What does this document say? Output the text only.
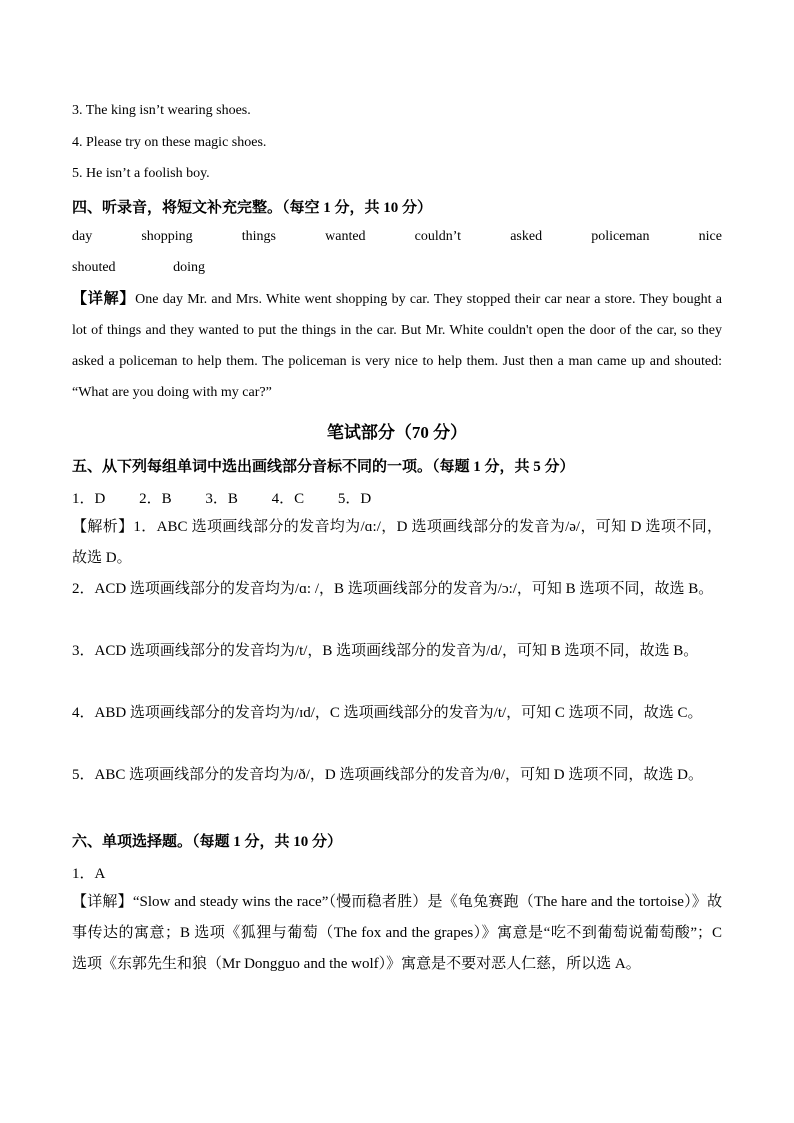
3. The king isn’t wearing shoes.
4. Please try on these magic shoes.
5. He isn’t a foolish boy.
四、听录音，将短文补充完整。（每空 1 分，共 10 分）
day	shopping	things	wanted	couldn’t	asked	policeman	nice
shouted	doing
【详解】One day Mr. and Mrs. White went shopping by car. They stopped their car near a store. They bought a lot of things and they wanted to put the things in the car. But Mr. White couldn't open the door of the car, so they asked a policeman to help them. The policeman is very nice to help them. Just then a man came up and shouted: “What are you doing with my car?”
笔试部分（70 分）
五、从下列每组单词中选出画线部分音标不同的一项。（每题 1 分，共 5 分）
1．D 2．B 3．B 4．C 5．D
【解析】1．ABC 选项画线部分的发音均为/ɑ:/，D 选项画线部分的发音为/ə/，可知 D 选项不同，故选 D。
2．ACD 选项画线部分的发音均为/ɑ: /，B 选项画线部分的发音为/ɔ:/，可知 B 选项不同，故选 B。
3．ACD 选项画线部分的发音均为/t/，B 选项画线部分的发音为/d/，可知 B 选项不同，故选 B。
4．ABD 选项画线部分的发音均为/ɪd/，C 选项画线部分的发音为/t/，可知 C 选项不同，故选 C。
5．ABC 选项画线部分的发音均为/ð/，D 选项画线部分的发音为/θ/，可知 D 选项不同，故选 D。
六、单项选择题。（每题 1 分，共 10 分）
1．A
【详解】“Slow and steady wins the race”（慢而稳者胜）是《龟兔赛跑（The hare and the tortoise）》故事传达的寓意；B 选项《狐狸与葡萄（The fox and the grapes）》寓意是“吃不到葡萄说葡萄酸”；C 选项《东郭先生和狼（Mr Dongguo and the wolf）》寓意是不要对恶人仁慈，所以选 A。
